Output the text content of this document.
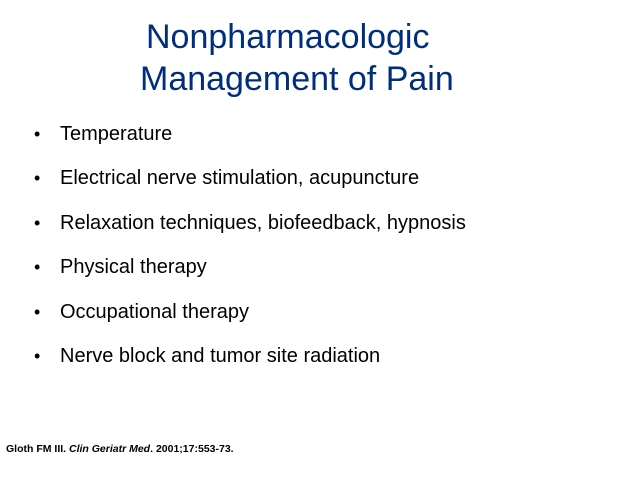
Nonpharmacologic
Management of Pain
• Temperature
• Electrical nerve stimulation, acupuncture
• Relaxation techniques, biofeedback, hypnosis
• Physical therapy
• Occupational therapy
• Nerve block and tumor site radiation
Gloth FM III. Clin Geriatr Med. 2001;17:553-73.
